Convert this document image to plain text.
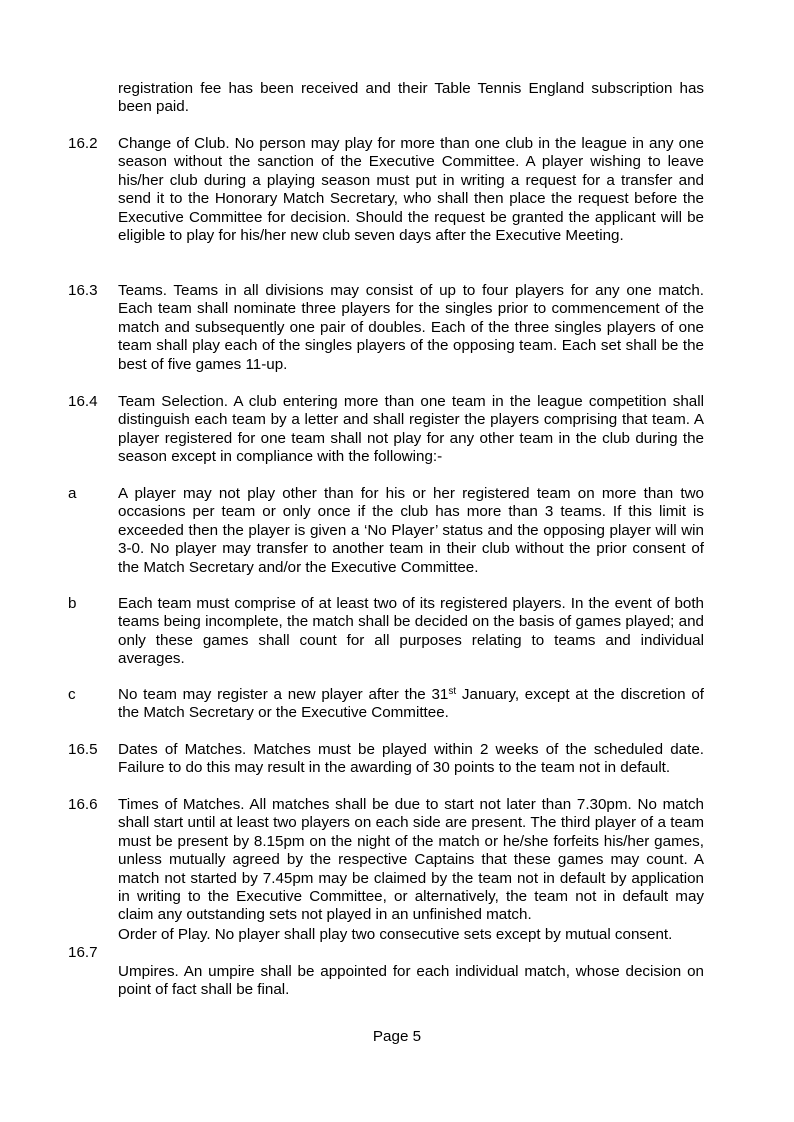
registration fee has been received and their Table Tennis England subscription has been paid.
16.2	Change of Club. No person may play for more than one club in the league in any one season without the sanction of the Executive Committee. A player wishing to leave his/her club during a playing season must put in writing a request for a transfer and send it to the Honorary Match Secretary, who shall then place the request before the Executive Committee for decision. Should the request be granted the applicant will be eligible to play for his/her new club seven days after the Executive Meeting.
16.3	Teams. Teams in all divisions may consist of up to four players for any one match. Each team shall nominate three players for the singles prior to commencement of the match and subsequently one pair of doubles. Each of the three singles players of one team shall play each of the singles players of the opposing team. Each set shall be the best of five games 11-up.
16.4	Team Selection. A club entering more than one team in the league competition shall distinguish each team by a letter and shall register the players comprising that team. A player registered for one team shall not play for any other team in the club during the season except in compliance with the following:-
a	A player may not play other than for his or her registered team on more than two occasions per team or only once if the club has more than 3 teams. If this limit is exceeded then the player is given a ‘No Player’ status and the opposing player will win 3-0. No player may transfer to another team in their club without the prior consent of the Match Secretary and/or the Executive Committee.
b	Each team must comprise of at least two of its registered players. In the event of both teams being incomplete, the match shall be decided on the basis of games played; and only these games shall count for all purposes relating to teams and individual averages.
c	No team may register a new player after the 31st January, except at the discretion of the Match Secretary or the Executive Committee.
16.5	Dates of Matches. Matches must be played within 2 weeks of the scheduled date. Failure to do this may result in the awarding of 30 points to the team not in default.
16.6	Times of Matches. All matches shall be due to start not later than 7.30pm. No match shall start until at least two players on each side are present. The third player of a team must be present by 8.15pm on the night of the match or he/she forfeits his/her games, unless mutually agreed by the respective Captains that these games may count. A match not started by 7.45pm may be claimed by the team not in default by application in writing to the Executive Committee, or alternatively, the team not in default may claim any outstanding sets not played in an unfinished match.
Order of Play. No player shall play two consecutive sets except by mutual consent.
16.7
Umpires. An umpire shall be appointed for each individual match, whose decision on point of fact shall be final.
Page 5
